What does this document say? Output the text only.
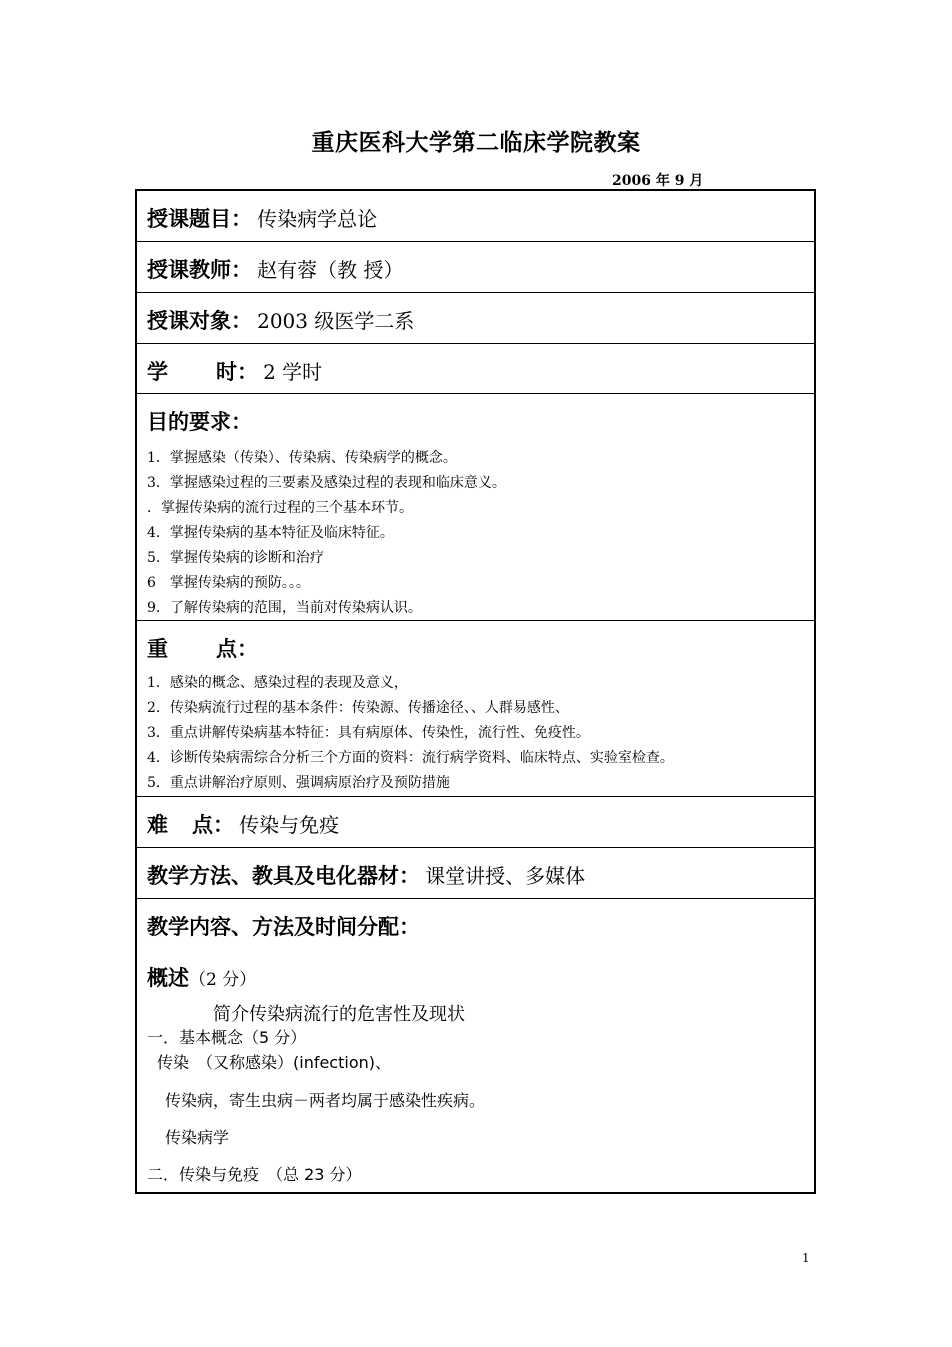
重庆医科大学第二临床学院教案
2006 年 9 月
授课题目： 传染病学总论
授课教师： 赵有蓉（教 授）
授课对象： 2003 级医学二系
学 时： 2 学时
目的要求：
1．掌握感染（传染）、传染病、传染病学的概念。
3．掌握感染过程的三要素及感染过程的表现和临床意义。
．掌握传染病的流行过程的三个基本环节。
4．掌握传染病的基本特征及临床特征。
5．掌握传染病的诊断和治疗
6　掌握传染病的预防。。。
9．了解传染病的范围，当前对传染病认识。
重 点：
1．感染的概念、感染过程的表现及意义，
2．传染病流行过程的基本条件：传染源、传播途径、、人群易感性、
3．重点讲解传染病基本特征：具有病原体、传染性，流行性、免疫性。
4．诊断传染病需综合分析三个方面的资料：流行病学资料、临床特点、实验室检查。
5．重点讲解治疗原则、强调病原治疗及预防措施
难 点： 传染与免疫
教学方法、教具及电化器材： 课堂讲授、多媒体
教学内容、方法及时间分配：
概述（2 分）
简介传染病流行的危害性及现状
一．基本概念（5 分）
传染　（又称感染）(infection)、
传染病，寄生虫病－两者均属于感染性疾病。
传染病学
二．传染与免疫　（总 23 分）
1
